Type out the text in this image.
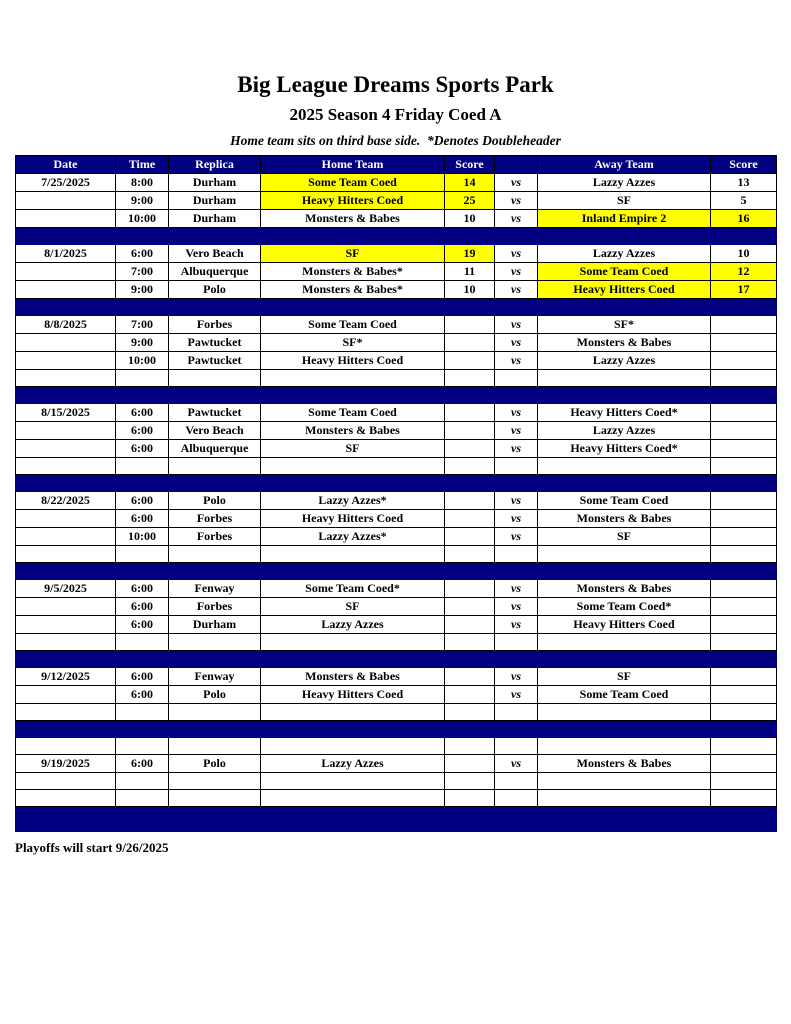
Big League Dreams Sports Park
2025 Season 4 Friday Coed A
Home team sits on third base side.  *Denotes Doubleheader
Date	Time	Replica	Home Team	Score		Away Team	Score
7/25/2025	8:00	Durham	Some Team Coed	14	vs	Lazzy Azzes	13
	9:00	Durham	Heavy Hitters Coed	25	vs	SF	5
	10:00	Durham	Monsters & Babes	10	vs	Inland Empire 2	16

8/1/2025	6:00	Vero Beach	SF	19	vs	Lazzy Azzes	10
	7:00	Albuquerque	Monsters & Babes*	11	vs	Some Team Coed	12
	9:00	Polo	Monsters & Babes*	10	vs	Heavy Hitters Coed	17

8/8/2025	7:00	Forbes	Some Team Coed		vs	SF*	
	9:00	Pawtucket	SF*		vs	Monsters & Babes	
	10:00	Pawtucket	Heavy Hitters Coed		vs	Lazzy Azzes	

8/15/2025	6:00	Pawtucket	Some Team Coed		vs	Heavy Hitters Coed*	
	6:00	Vero Beach	Monsters & Babes		vs	Lazzy Azzes	
	6:00	Albuquerque	SF		vs	Heavy Hitters Coed*	

8/22/2025	6:00	Polo	Lazzy Azzes*		vs	Some Team Coed	
	6:00	Forbes	Heavy Hitters Coed		vs	Monsters & Babes	
	10:00	Forbes	Lazzy Azzes*		vs	SF	

9/5/2025	6:00	Fenway	Some Team Coed*		vs	Monsters & Babes	
	6:00	Forbes	SF		vs	Some Team Coed*	
	6:00	Durham	Lazzy Azzes		vs	Heavy Hitters Coed	

9/12/2025	6:00	Fenway	Monsters & Babes		vs	SF	
	6:00	Polo	Heavy Hitters Coed		vs	Some Team Coed	

9/19/2025	6:00	Polo	Lazzy Azzes		vs	Monsters & Babes	

Playoffs will start 9/26/2025
